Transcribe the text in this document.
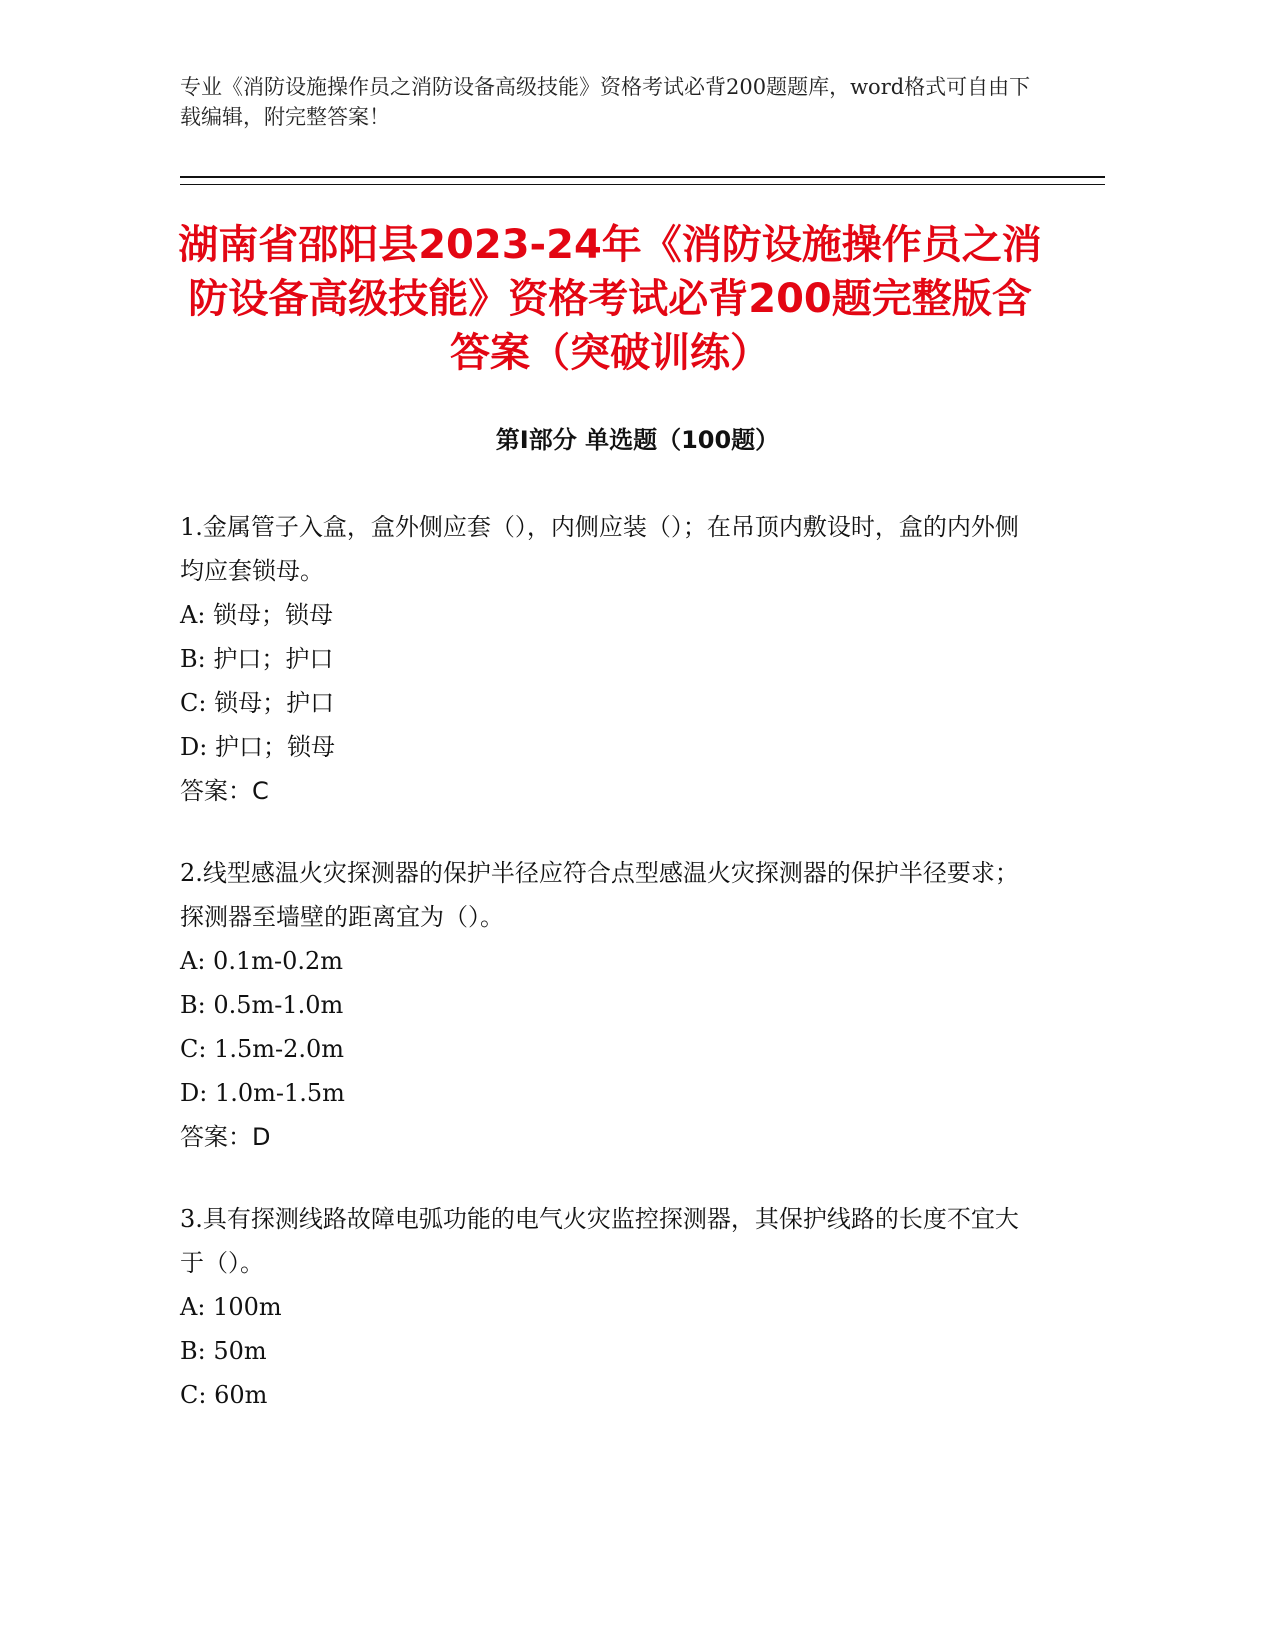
专业《消防设施操作员之消防设备高级技能》资格考试必背200题题库，word格式可自由下载编辑，附完整答案！
湖南省邵阳县2023-24年《消防设施操作员之消防设备高级技能》资格考试必背200题完整版含答案（突破训练）
第Ⅰ部分 单选题（100题）

1.金属管子入盒，盒外侧应套（），内侧应装（）；在吊顶内敷设时，盒的内外侧均应套锁母。

A: 锁母；锁母

B: 护口；护口

C: 锁母；护口

D: 护口；锁母

答案：C

2.线型感温火灾探测器的保护半径应符合点型感温火灾探测器的保护半径要求；探测器至墙壁的距离宜为（）。

A: 0.1m-0.2m

B: 0.5m-1.0m

C: 1.5m-2.0m

D: 1.0m-1.5m

答案：D

3.具有探测线路故障电弧功能的电气火灾监控探测器，其保护线路的长度不宜大于（）。

A: 100m

B: 50m

C: 60m
